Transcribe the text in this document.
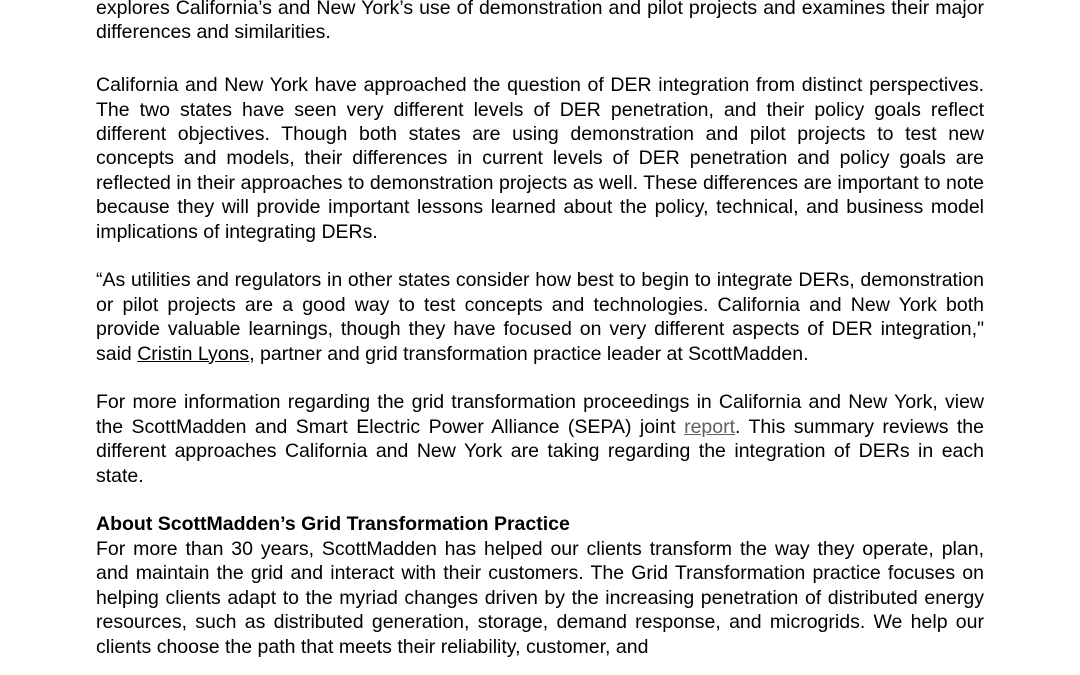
explores California’s and New York’s use of demonstration and pilot projects and examines their major differences and similarities.

California and New York have approached the question of DER integration from distinct perspectives. The two states have seen very different levels of DER penetration, and their policy goals reflect different objectives. Though both states are using demonstration and pilot projects to test new concepts and models, their differences in current levels of DER penetration and policy goals are reflected in their approaches to demonstration projects as well. These differences are important to note because they will provide important lessons learned about the policy, technical, and business model implications of integrating DERs.

“As utilities and regulators in other states consider how best to begin to integrate DERs, demonstration or pilot projects are a good way to test concepts and technologies. California and New York both provide valuable learnings, though they have focused on very different aspects of DER integration," said Cristin Lyons, partner and grid transformation practice leader at ScottMadden.

For more information regarding the grid transformation proceedings in California and New York, view the ScottMadden and Smart Electric Power Alliance (SEPA) joint report. This summary reviews the different approaches California and New York are taking regarding the integration of DERs in each state.

About ScottMadden’s Grid Transformation Practice

For more than 30 years, ScottMadden has helped our clients transform the way they operate, plan, and maintain the grid and interact with their customers. The Grid Transformation practice focuses on helping clients adapt to the myriad changes driven by the increasing penetration of distributed energy resources, such as distributed generation, storage, demand response, and microgrids. We help our clients choose the path that meets their reliability, customer, and
